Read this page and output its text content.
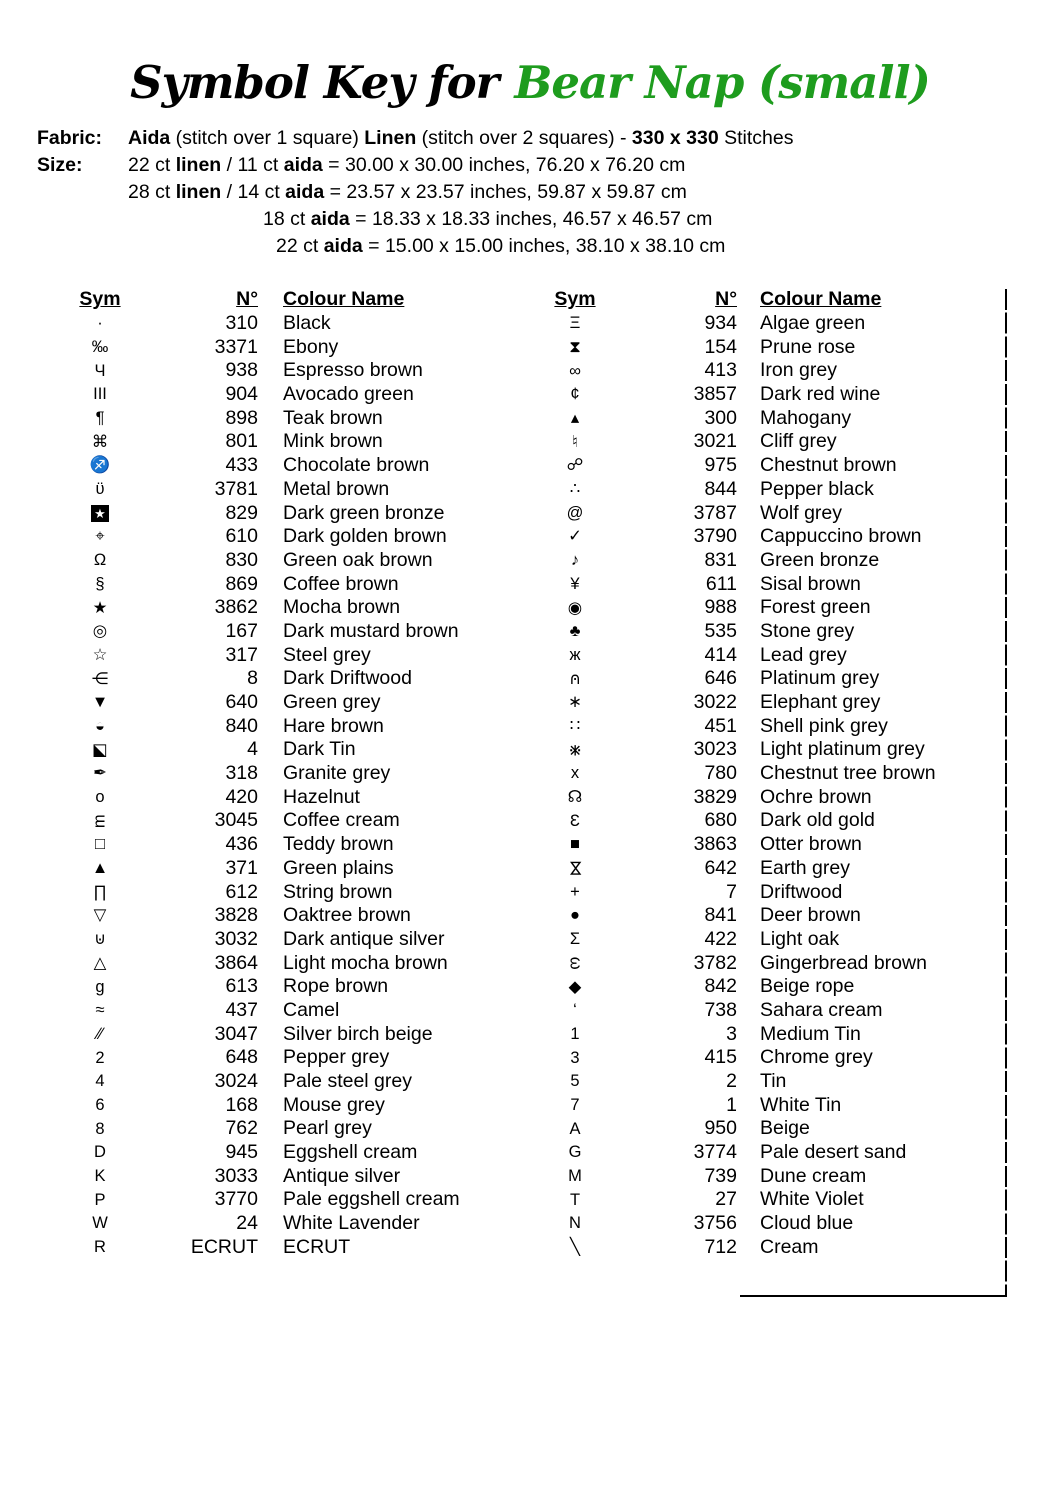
Symbol Key for Bear Nap (small)
Fabric: Aida (stitch over 1 square) Linen (stitch over 2 squares) - 330 x 330 Stitches
Size:	22 ct linen / 11 ct aida = 30.00 x 30.00 inches, 76.20 x 76.20 cm
28 ct linen / 14 ct aida = 23.57 x 23.57 inches, 59.87 x 59.87 cm
18 ct aida = 18.33 x 18.33 inches, 46.57 x 46.57 cm
22 ct aida = 15.00 x 15.00 inches, 38.10 x 38.10 cm
Sym	N°	Colour Name
·	310	Black
‰	3371	Ebony
Ч	938	Espresso brown
III	904	Avocado green
¶	898	Teak brown
⌘	801	Mink brown
♐	433	Chocolate brown
ϋ	3781	Metal brown
★	829	Dark green bronze
⌖	610	Dark golden brown
Ω	830	Green oak brown
§	869	Coffee brown
★	3862	Mocha brown
◎	167	Dark mustard brown
☆	317	Steel grey
⋲	8	Dark Driftwood
▼	640	Green grey
◒	840	Hare brown
◪	4	Dark Tin
✒	318	Granite grey
o	420	Hazelnut
m	3045	Coffee cream
□	436	Teddy brown
▲	371	Green plains
∏	612	String brown
▽	3828	Oaktree brown
⊍	3032	Dark antique silver
△	3864	Light mocha brown
g	613	Rope brown
≈	437	Camel
∕∕	3047	Silver birch beige
2	648	Pepper grey
4	3024	Pale steel grey
6	168	Mouse grey
8	762	Pearl grey
D	945	Eggshell cream
K	3033	Antique silver
P	3770	Pale eggshell cream
W	24	White Lavender
R	ECRUT	ECRUT
Sym	N°	Colour Name
Ξ	934	Algae green
⧗	154	Prune rose
∞	413	Iron grey
¢	3857	Dark red wine
▴	300	Mahogany
♮	3021	Cliff grey
☍	975	Chestnut brown
∴	844	Pepper black
@	3787	Wolf grey
✓	3790	Cappuccino brown
♪	831	Green bronze
¥	611	Sisal brown
◉	988	Forest green
♣	535	Stone grey
ж	414	Lead grey
⊍	646	Platinum grey
∗	3022	Elephant grey
∷	451	Shell pink grey
⋇	3023	Light platinum grey
x	780	Chestnut tree brown
☊	3829	Ochre brown
Ɛ	680	Dark old gold
■	3863	Otter brown
⋈	642	Earth grey
+	7	Driftwood
●	841	Deer brown
Σ	422	Light oak
ω	3782	Gingerbread brown
◆	842	Beige rope
‘	738	Sahara cream
1	3	Medium Tin
3	415	Chrome grey
5	2	Tin
7	1	White Tin
A	950	Beige
G	3774	Pale desert sand
M	739	Dune cream
T	27	White Violet
N	3756	Cloud blue
╲	712	Cream
